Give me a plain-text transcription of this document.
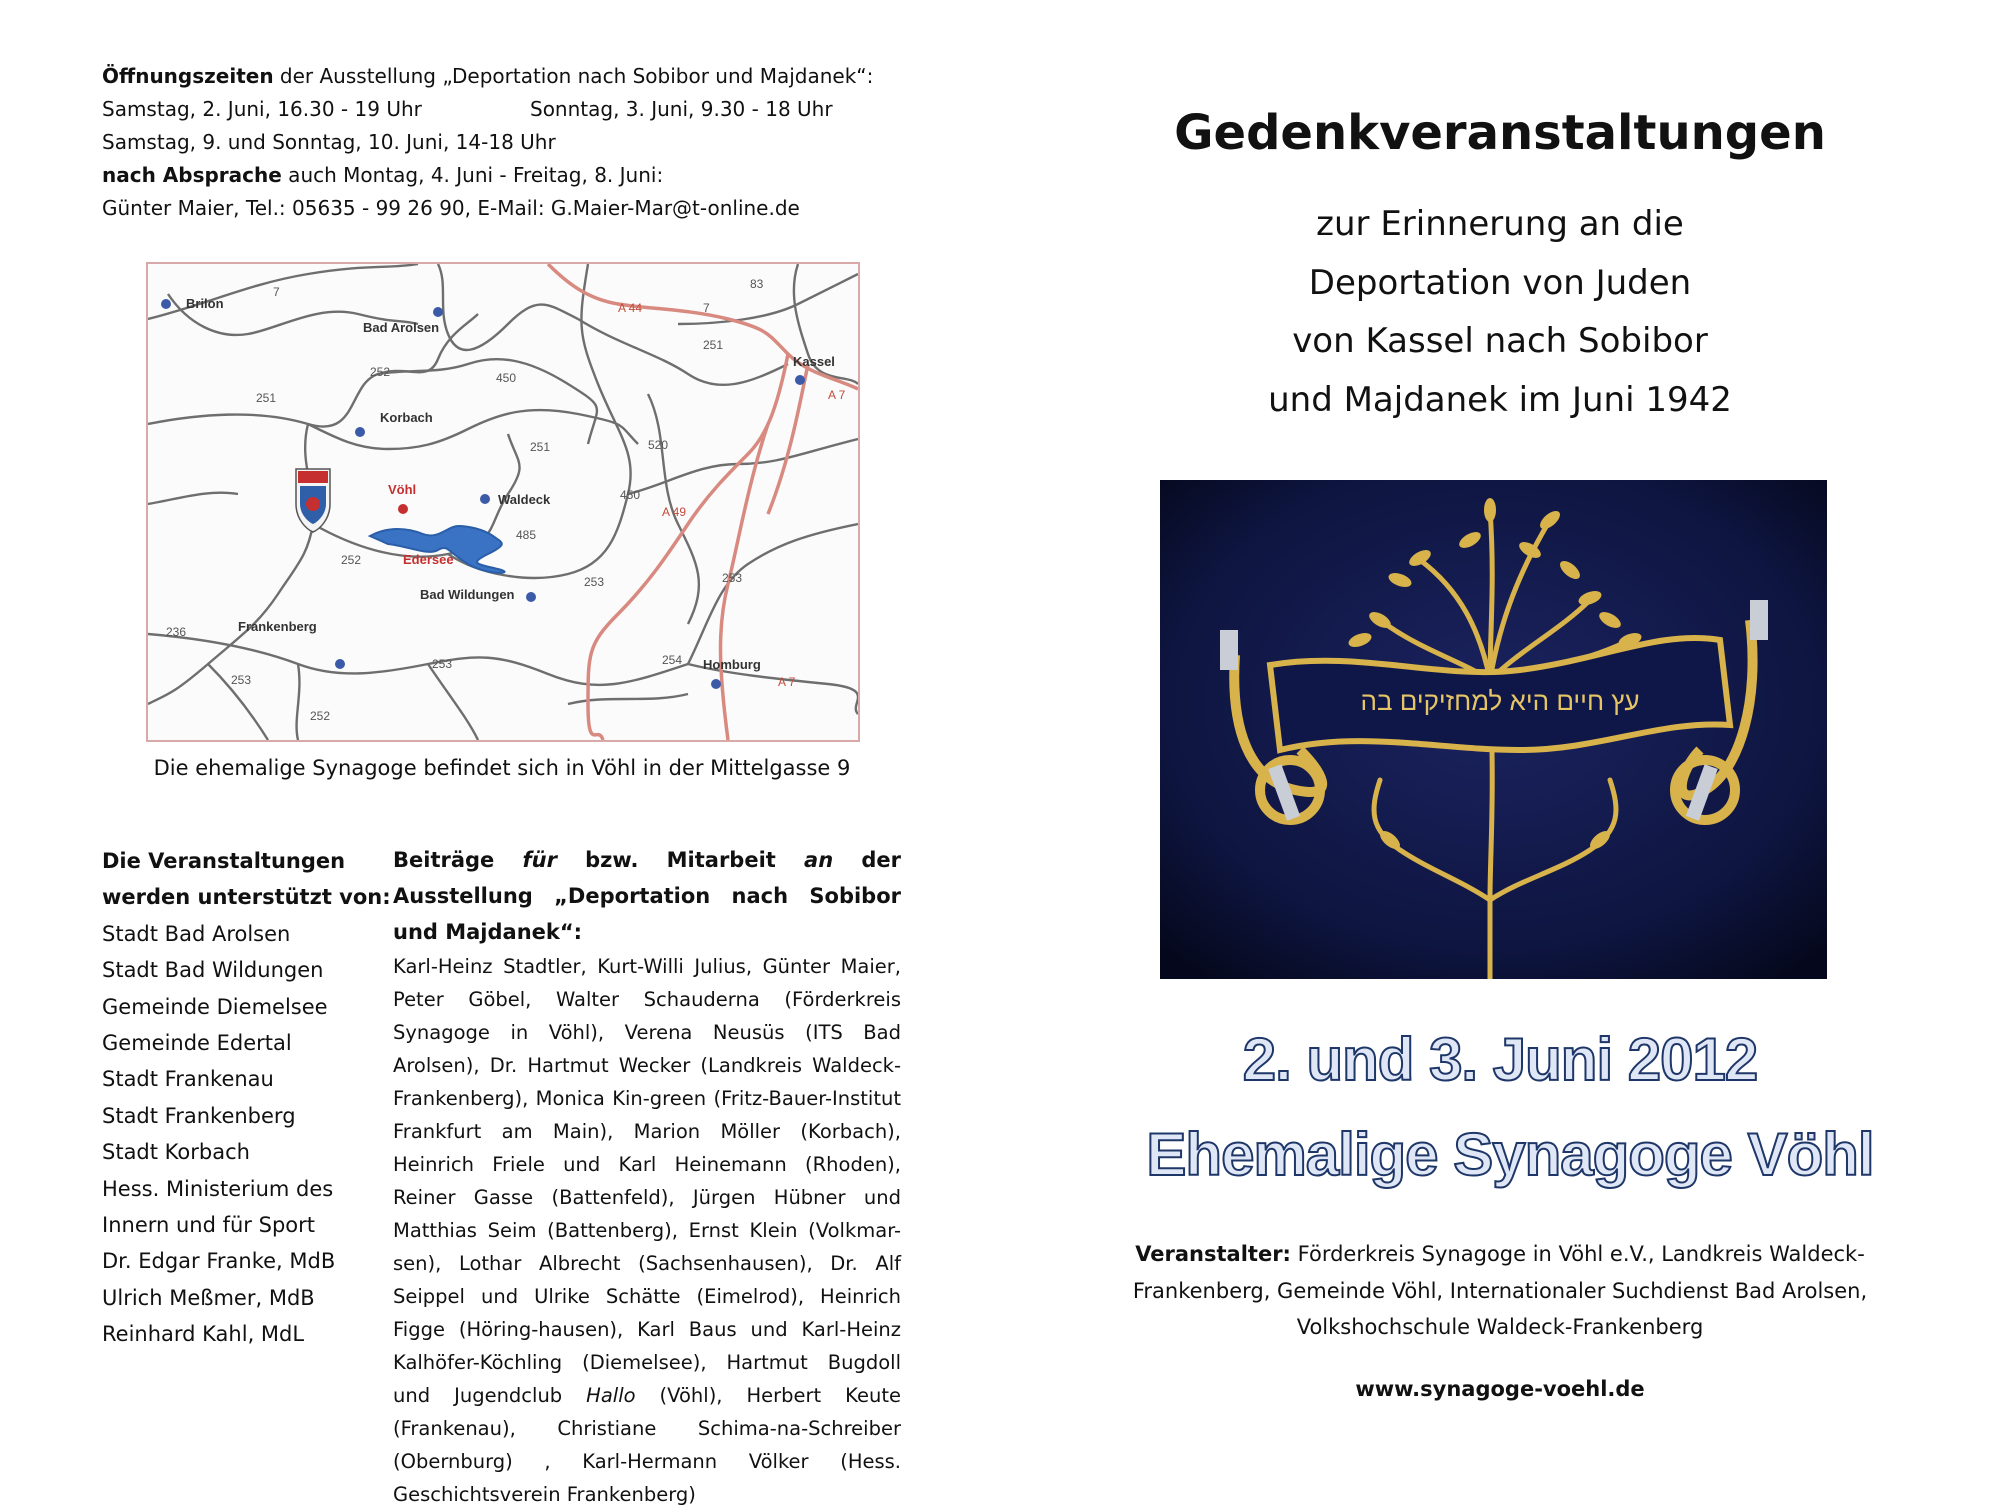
Öffnungszeiten der Ausstellung „Deportation nach Sobibor und Majdanek“:
Samstag, 2. Juni, 16.30 - 19 Uhr	Sonntag, 3. Juni, 9.30 - 18 Uhr
Samstag, 9. und Sonntag, 10. Juni, 14-18 Uhr
nach Absprache auch Montag, 4. Juni - Freitag, 8. Juni:
Günter Maier, Tel.: 05635 - 99 26 90, E-Mail: G.Maier-Mar@t-online.de
Brilon
Bad Arolsen
Korbach
Vöhl
Waldeck
Edersee
Bad Wildungen
Frankenberg
Kassel
Homburg
7
83
A 44	7
251
251
252	450
251	520
A 7
450
485
A 49
252
253	253
236
253	254
253
252
A 7
Die ehemalige Synagoge befindet sich in Vöhl in der Mittelgasse 9
Die Veranstaltungen werden unterstützt von:
Stadt Bad Arolsen
Stadt Bad Wildungen
Gemeinde Diemelsee
Gemeinde Edertal
Stadt Frankenau
Stadt Frankenberg
Stadt Korbach
Hess. Ministerium des Innern und für Sport
Dr. Edgar Franke, MdB
Ulrich Meßmer, MdB
Reinhard Kahl, MdL
Beiträge für bzw. Mitarbeit an der Ausstellung „Deportation nach Sobibor und Majdanek“:
Karl-Heinz Stadtler, Kurt-Willi Julius, Günter Maier, Peter Göbel, Walter Schauderna (Förderkreis Synagoge in Vöhl), Verena Neusüs (ITS Bad Arolsen), Dr. Hartmut Wecker (Landkreis Waldeck-Frankenberg), Monica Kin-green (Fritz-Bauer-Institut Frankfurt am Main), Marion Möller (Korbach), Heinrich Friele und Karl Heinemann (Rhoden), Reiner Gasse (Battenfeld), Jürgen Hübner und Matthias Seim (Battenberg), Ernst Klein (Volkmar-sen), Lothar Albrecht (Sachsenhausen), Dr. Alf Seippel und Ulrike Schätte (Eimelrod), Heinrich Figge (Höring-hausen), Karl Baus und Karl-Heinz Kalhöfer-Köchling (Diemelsee), Hartmut Bugdoll und Jugendclub Hallo (Vöhl), Herbert Keute (Frankenau), Christiane Schima-na-Schreiber (Obernburg) , Karl-Hermann Völker (Hess. Geschichtsverein Frankenberg)
Gedenkveranstaltungen
zur Erinnerung an die
Deportation von Juden
von Kassel nach Sobibor
und Majdanek im Juni 1942
עץ חיים היא למחזיקים בה
2. und 3. Juni 2012
Ehemalige Synagoge Vöhl
Veranstalter: Förderkreis Synagoge in Vöhl e.V., Landkreis Waldeck-Frankenberg, Gemeinde Vöhl, Internationaler Suchdienst Bad Arolsen, Volkshochschule Waldeck-Frankenberg
www.synagoge-voehl.de
